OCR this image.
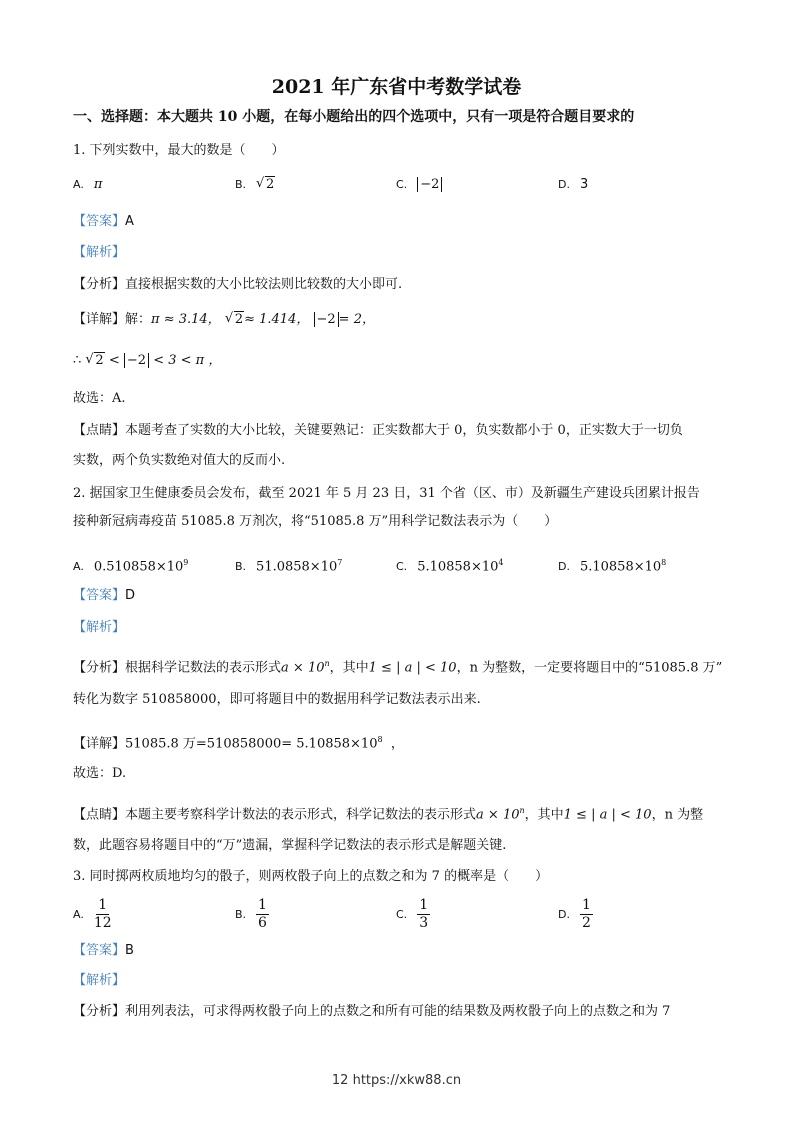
2021 年广东省中考数学试卷
一、选择题：本大题共 10 小题，在每小题给出的四个选项中，只有一项是符合题目要求的
1. 下列实数中，最大的数是（　　）
A. π	B. √ 2	C. −2	D. 3
【答案】A
【解析】
【分析】直接根据实数的大小比较法则比较数的大小即可.
【详解】解：π ≈ 3.14， √ 2≈ 1.414， −2 = 2，
∴ √ 2 < −2 < 3 < π ，
故选：A.
【点睛】本题考查了实数的大小比较，关键要熟记：正实数都大于 0，负实数都小于 0，正实数大于一切负
实数，两个负实数绝对值大的反而小.
2. 据国家卫生健康委员会发布，截至 2021 年 5 月 23 日，31 个省（区、市）及新疆生产建设兵团累计报告
接种新冠病毒疫苗 51085.8 万剂次，将“51085.8 万”用科学记数法表示为（　　）
A. $0.510858\times 10^9$	B. $51.0858\times 10^7$	C. $5.10858\times 10^4$	D. $5.10858\times 10^8$
【答案】D
【解析】
【分析】根据科学记数法的表示形式$a \times 10^n$，其中1 ≤ | a | < 10，n 为整数，一定要将题目中的“51085.8 万”
转化为数字 510858000，即可将题目中的数据用科学记数法表示出来.
【详解】51085.8 万$=510858000= 5.10858\times 10^8$ ，
故选：D.
【点睛】本题主要考察科学计数法的表示形式，科学记数法的表示形式$a \times 10^n$，其中1 ≤ | a | < 10，n 为整
数，此题容易将题目中的“万”遗漏，掌握科学记数法的表示形式是解题关键.
3. 同时掷两枚质地均匀的骰子，则两枚骰子向上的点数之和为 7 的概率是（　　）
A. $\frac{1}{12}$	B. $\frac{1}{6}$	C. $\frac{1}{3}$	D. $\frac{1}{2}$
【答案】B
【解析】
【分析】利用列表法，可求得两枚骰子向上的点数之和所有可能的结果数及两枚骰子向上的点数之和为 7
12 https://xkw88.cn
